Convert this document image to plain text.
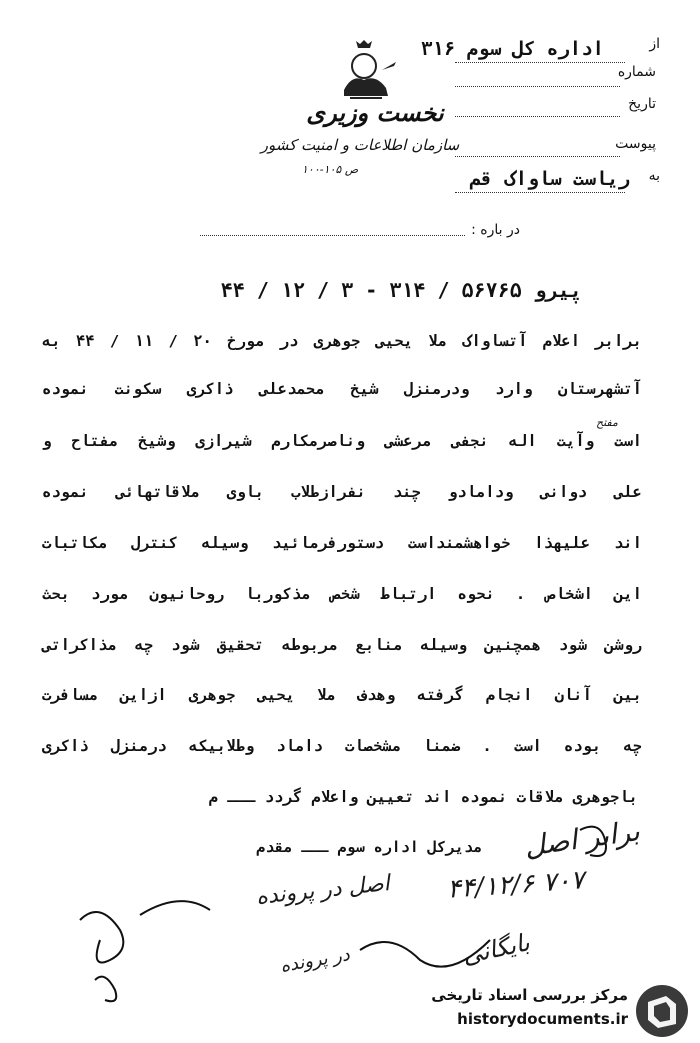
نخست وزیری
سازمان اطلاعات و امنیت کشور
ص ۱۰۵-۱۰۰
از
اداره کل سوم ۳۱۶
شماره
تاریخ
پیوست
به
ریاست ساواک قم
در باره :
پیرو ۵۶۷۶۵ / ۳۱۴ - ۳ / ۱۲ / ۴۴
مفتح
برابر اعلام آتساواک ملا یحیی جوهری در مورخ ۲۰ / ۱۱ / ۴۴ به
آتشهرستان وارد ودرمنزل شیخ محمدعلی ذاکری سکونت نموده
است وآیت اله نجفی مرعشی وناصرمکارم شیرازی وشیخ مفتاح و
علی دوانی ودامادو چند نفرازطلاب باوی ملاقاتهائی نموده
اند علیهذا خواهشمنداست دستورفرمائید وسیله کنترل مکاتبات
این اشخاص . نحوه ارتباط شخص مذکوربا روحانیون مورد بحث
روشن شود همچنین وسیله منابع مربوطه تحقیق شود چه مذاکراتی
بین آنان انجام گرفته وهدف ملا یحیی جوهری ازاین مسافرت
چه بوده است . ضمنا مشخصات داماد وطلابیکه درمنزل ذاکری
باجوهری ملاقات نموده اند تعیین واعلام گردد ـــ م
مدیرکل اداره سوم ـــ مقدم برابر اصل
۴۴/۱۲/۶ ۷۰۷
اصل در پرونده
بایگانی
در پرونده
مرکز بررسی اسناد تاریخی
historydocuments.ir
